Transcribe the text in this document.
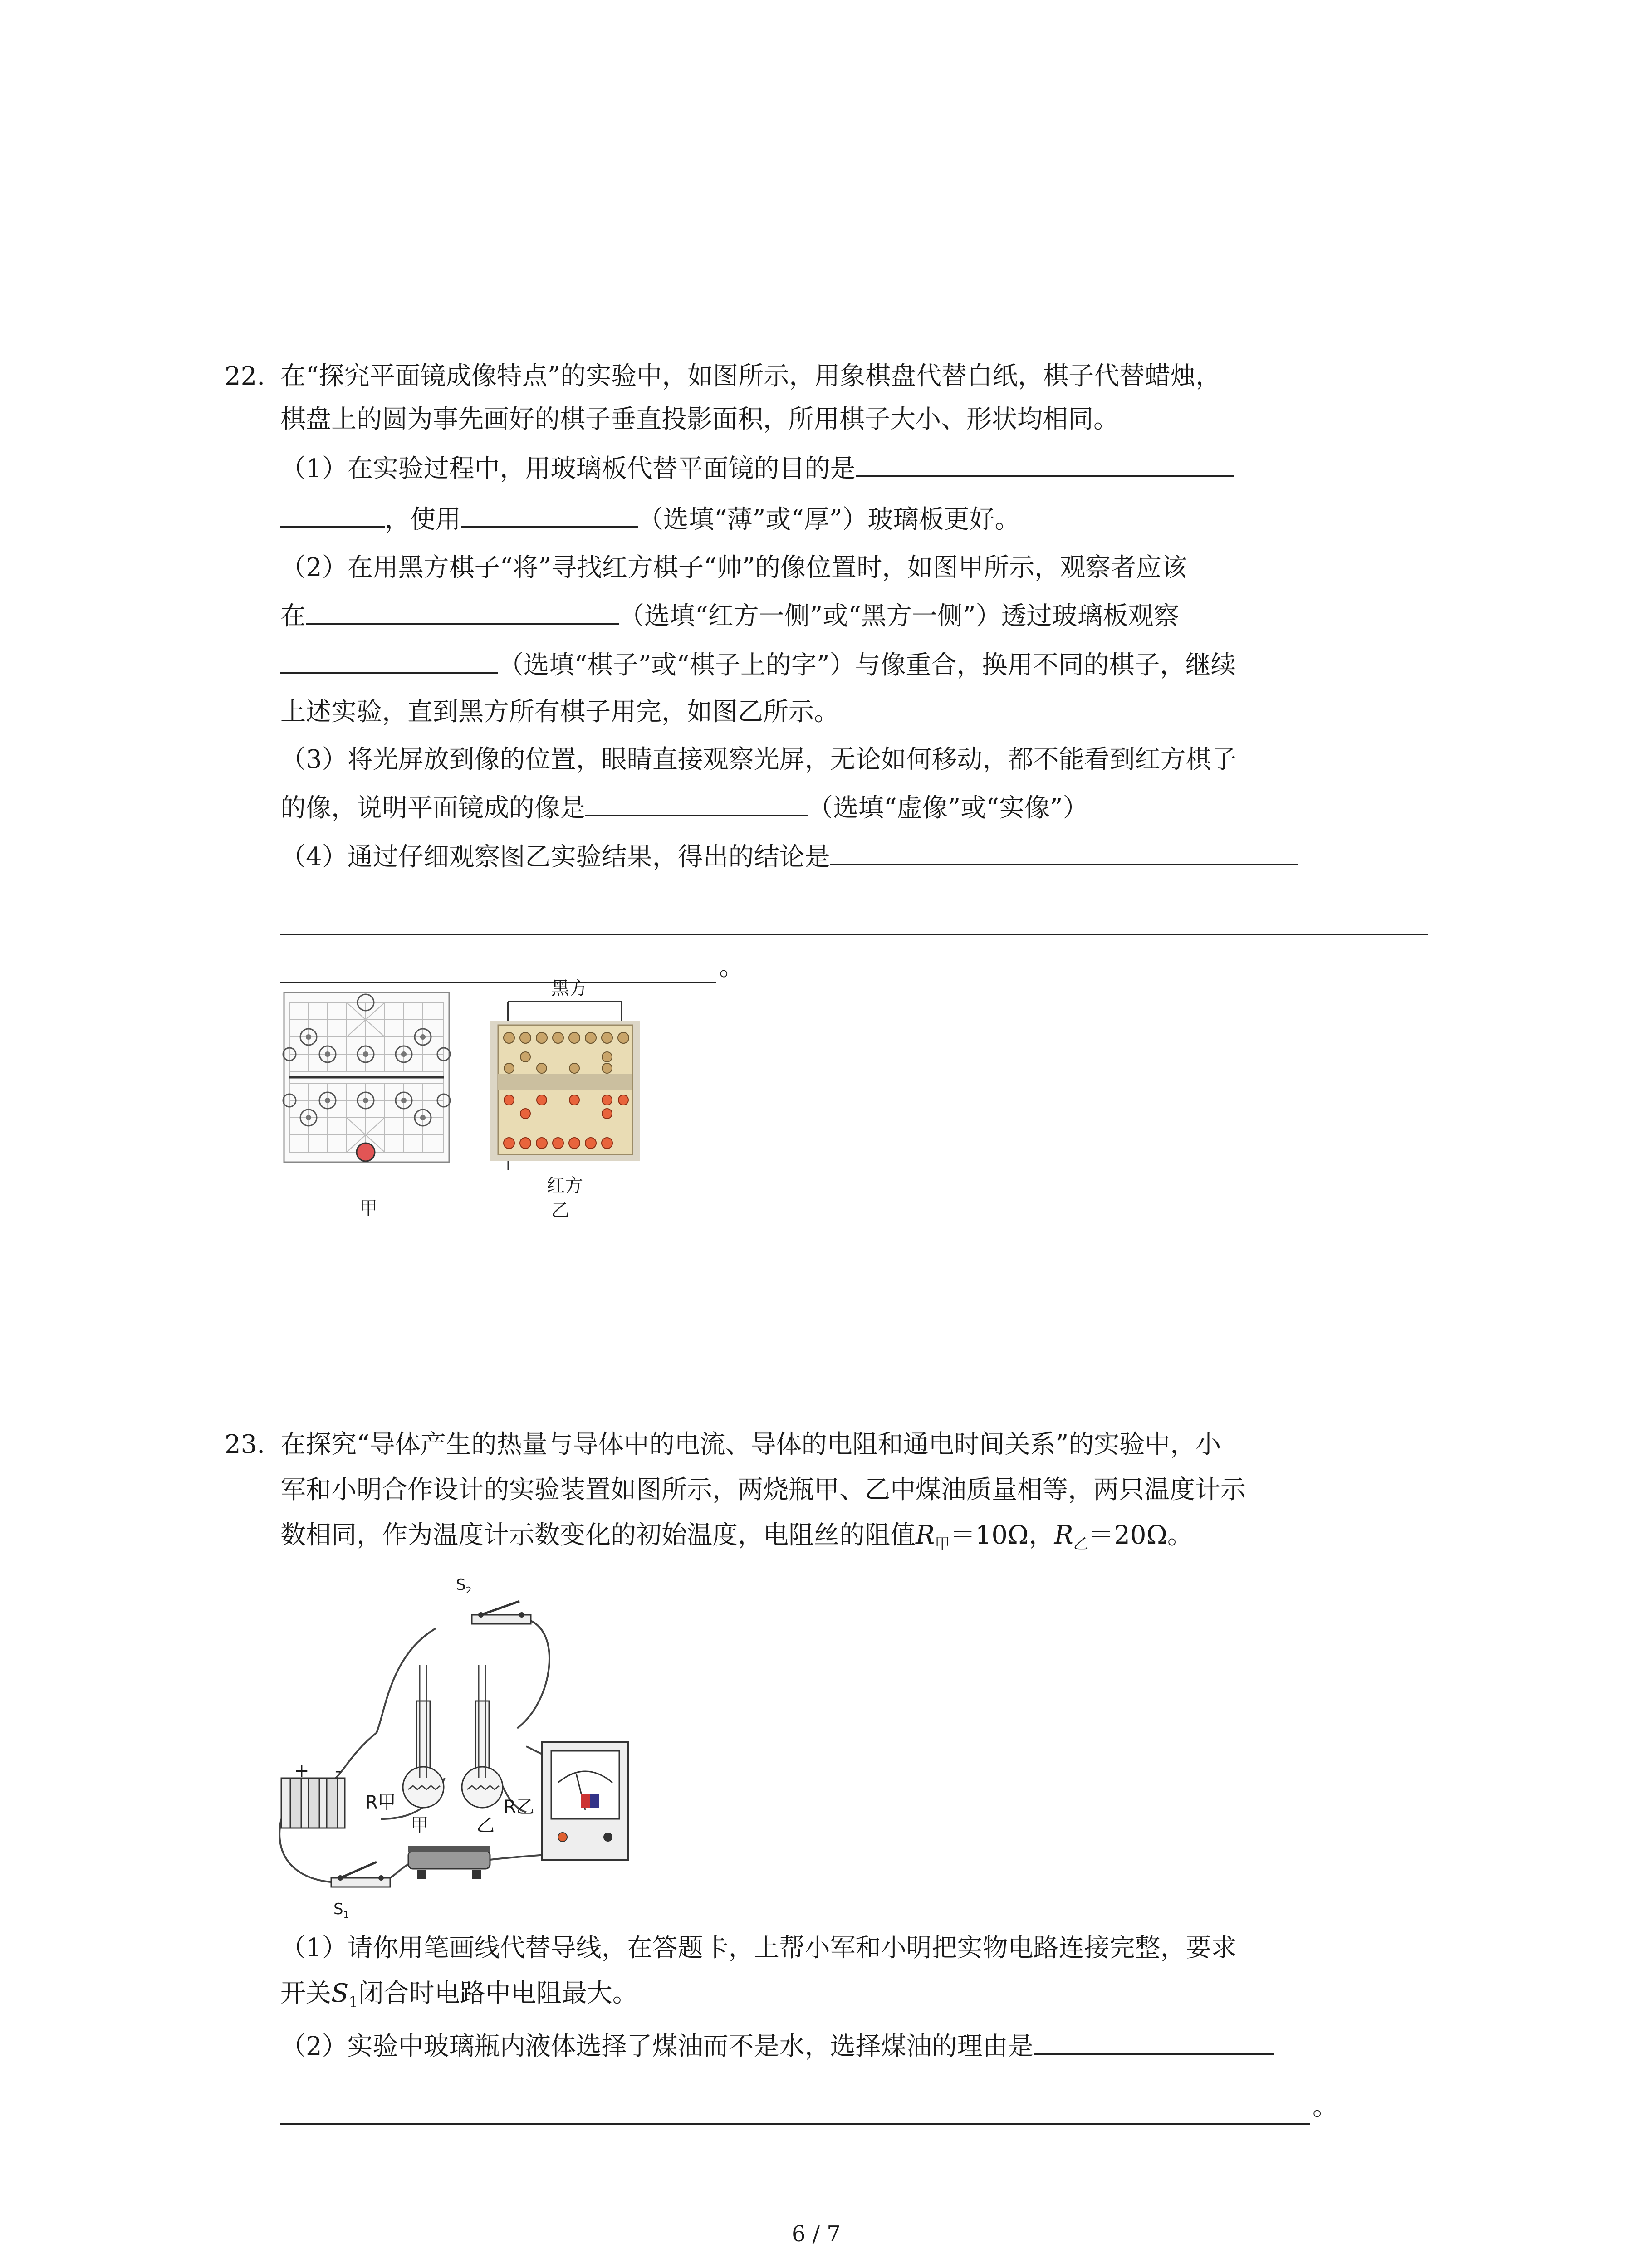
22. 在“探究平面镜成像特点”的实验中，如图所示，用象棋盘代替白纸，棋子代替蜡烛，
棋盘上的圆为事先画好的棋子垂直投影面积，所用棋子大小、形状均相同。
（1）在实验过程中，用玻璃板代替平面镜的目的是
，使用	（选填“薄”或“厚”）玻璃板更好。
（2）在用黑方棋子“将”寻找红方棋子“帅”的像位置时，如图甲所示，观察者应该
在	（选填“红方一侧”或“黑方一侧”）透过玻璃板观察
（选填“棋子”或“棋子上的字”）与像重合，换用不同的棋子，继续
上述实验，直到黑方所有棋子用完，如图乙所示。
（3）将光屏放到像的位置，眼睛直接观察光屏，无论如何移动，都不能看到红方棋子
的像，说明平面镜成的像是	（选填“虚像”或“实像”）
（4）通过仔细观察图乙实验结果，得出的结论是
。
甲
黑方
红方
乙
23. 在探究“导体产生的热量与导体中的电流、导体的电阻和通电时间关系”的实验中，小
军和小明合作设计的实验装置如图所示，两烧瓶甲、乙中煤油质量相等，两只温度计示
数相同，作为温度计示数变化的初始温度，电阻丝的阻值$R_甲=10\Omega$，$R_乙=20\Omega$。
$S_2$
+ -
R甲
甲	乙
R乙
$S_1$
（1）请你用笔画线代替导线，在答题卡，上帮小军和小明把实物电路连接完整，要求
开关$S_1$闭合时电路中电阻最大。
（2）实验中玻璃瓶内液体选择了煤油而不是水，选择煤油的理由是
。
6 / 7
